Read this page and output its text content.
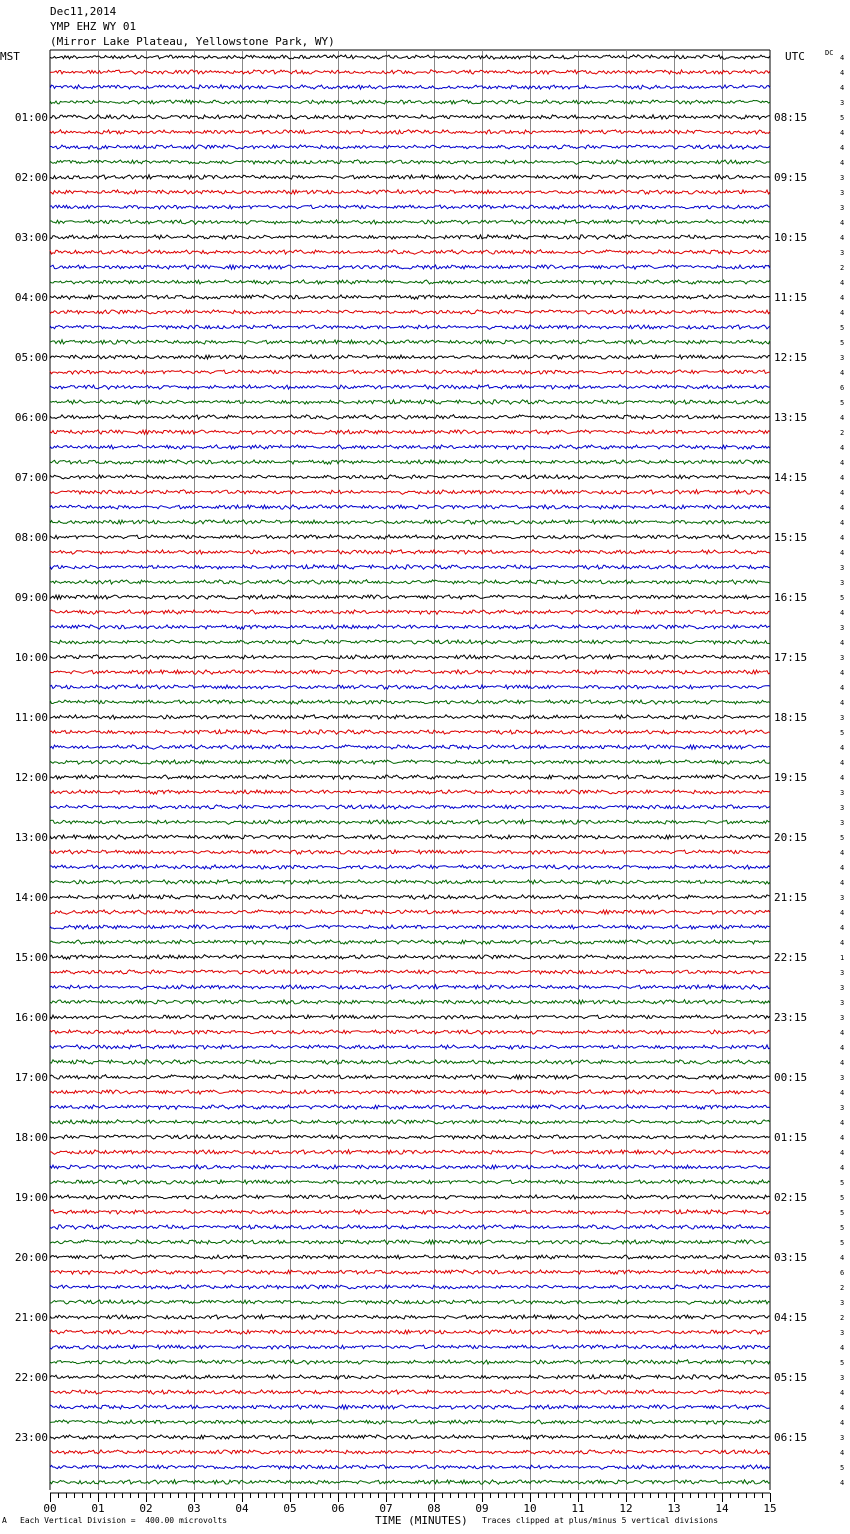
00	01	02	03	04	05	06	07	08	09	10	11	12	13	14	15
4
4
4
3
5
4
4
4
3
3
3
4
4
3
2
4
4
4
5
5
3
4
6
5
4
2
4
4
4
4
4
4
4
4
3
3
5
4
3
4
3
4
4
4
3
5
4
4
4
3
3
3
5
4
4
4
3
4
4
4
1
3
3
3
3
4
4
4
3
4
3
4
4
4
4
5
5
5
5
5
4
6
2
3
2
3
4
5
3
4
4
4
3
4
5
4
01:00
02:00
03:00
04:00
05:00
06:00
07:00
08:00
09:00
10:00
11:00
12:00
13:00
14:00
15:00
16:00
17:00
18:00
19:00
20:00
21:00
22:00
23:00
08:15
09:15
10:15
11:15
12:15
13:15
14:15
15:15
16:15
17:15
18:15
19:15
20:15
21:15
22:15
23:15
00:15
01:15
02:15
03:15
04:15
05:15
06:15
Dec11,2014
YMP EHZ WY 01
(Mirror Lake Plateau, Yellowstone Park, WY)
MST	UTC	DC
A Each Vertical Division =  400.00 microvolts	TIME (MINUTES) Traces clipped at plus/minus 5 vertical divisions
